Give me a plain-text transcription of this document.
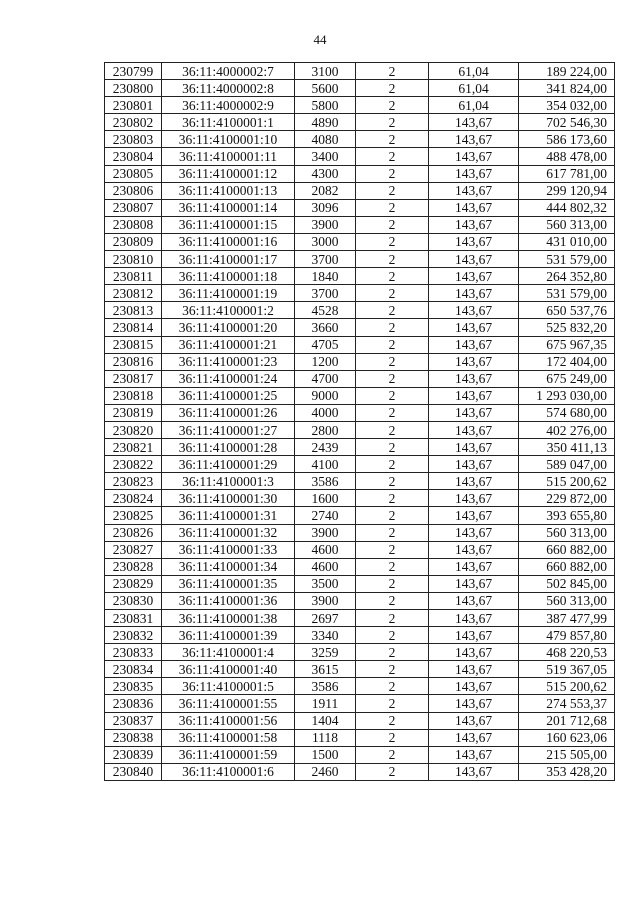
44
230799	36:11:4000002:7	3100	2	61,04	189 224,00
230800	36:11:4000002:8	5600	2	61,04	341 824,00
230801	36:11:4000002:9	5800	2	61,04	354 032,00
230802	36:11:4100001:1	4890	2	143,67	702 546,30
230803	36:11:4100001:10	4080	2	143,67	586 173,60
230804	36:11:4100001:11	3400	2	143,67	488 478,00
230805	36:11:4100001:12	4300	2	143,67	617 781,00
230806	36:11:4100001:13	2082	2	143,67	299 120,94
230807	36:11:4100001:14	3096	2	143,67	444 802,32
230808	36:11:4100001:15	3900	2	143,67	560 313,00
230809	36:11:4100001:16	3000	2	143,67	431 010,00
230810	36:11:4100001:17	3700	2	143,67	531 579,00
230811	36:11:4100001:18	1840	2	143,67	264 352,80
230812	36:11:4100001:19	3700	2	143,67	531 579,00
230813	36:11:4100001:2	4528	2	143,67	650 537,76
230814	36:11:4100001:20	3660	2	143,67	525 832,20
230815	36:11:4100001:21	4705	2	143,67	675 967,35
230816	36:11:4100001:23	1200	2	143,67	172 404,00
230817	36:11:4100001:24	4700	2	143,67	675 249,00
230818	36:11:4100001:25	9000	2	143,67	1 293 030,00
230819	36:11:4100001:26	4000	2	143,67	574 680,00
230820	36:11:4100001:27	2800	2	143,67	402 276,00
230821	36:11:4100001:28	2439	2	143,67	350 411,13
230822	36:11:4100001:29	4100	2	143,67	589 047,00
230823	36:11:4100001:3	3586	2	143,67	515 200,62
230824	36:11:4100001:30	1600	2	143,67	229 872,00
230825	36:11:4100001:31	2740	2	143,67	393 655,80
230826	36:11:4100001:32	3900	2	143,67	560 313,00
230827	36:11:4100001:33	4600	2	143,67	660 882,00
230828	36:11:4100001:34	4600	2	143,67	660 882,00
230829	36:11:4100001:35	3500	2	143,67	502 845,00
230830	36:11:4100001:36	3900	2	143,67	560 313,00
230831	36:11:4100001:38	2697	2	143,67	387 477,99
230832	36:11:4100001:39	3340	2	143,67	479 857,80
230833	36:11:4100001:4	3259	2	143,67	468 220,53
230834	36:11:4100001:40	3615	2	143,67	519 367,05
230835	36:11:4100001:5	3586	2	143,67	515 200,62
230836	36:11:4100001:55	1911	2	143,67	274 553,37
230837	36:11:4100001:56	1404	2	143,67	201 712,68
230838	36:11:4100001:58	1118	2	143,67	160 623,06
230839	36:11:4100001:59	1500	2	143,67	215 505,00
230840	36:11:4100001:6	2460	2	143,67	353 428,20
